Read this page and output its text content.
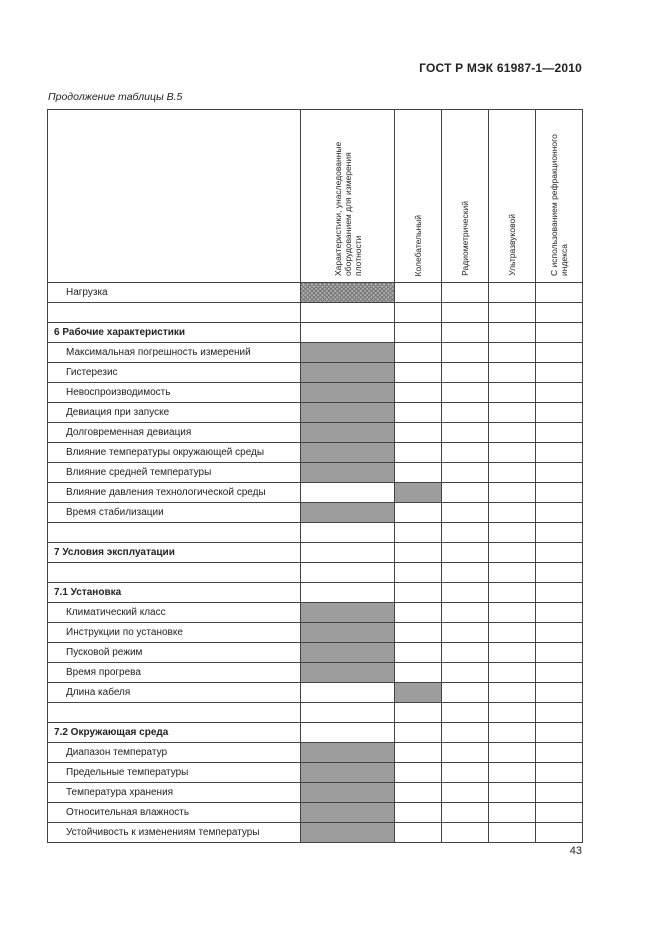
ГОСТ Р МЭК 61987-1—2010
Продолжение таблицы В.5

	Характеристики, унаследованные оборудованием для измерения плотности	Колебательный	Радиометрический	Ультразвуковой	С использованием рефракционного индекса

Нагрузка					

6 Рабочие характеристики					
Максимальная погрешность измерений					
Гистерезис					
Невоспроизводимость					
Девиация при запуске					
Долговременная девиация					
Влияние температуры окружающей среды					
Влияние средней температуры					
Влияние давления технологической среды					
Время стабилизации					

7 Условия эксплуатации					

7.1 Установка					
Климатический класс					
Инструкции по установке					
Пусковой режим					
Время прогрева					
Длина кабеля					

7.2 Окружающая среда					
Диапазон температур					
Предельные температуры					
Температура хранения					
Относительная влажность					
Устойчивость к изменениям температуры					
43
